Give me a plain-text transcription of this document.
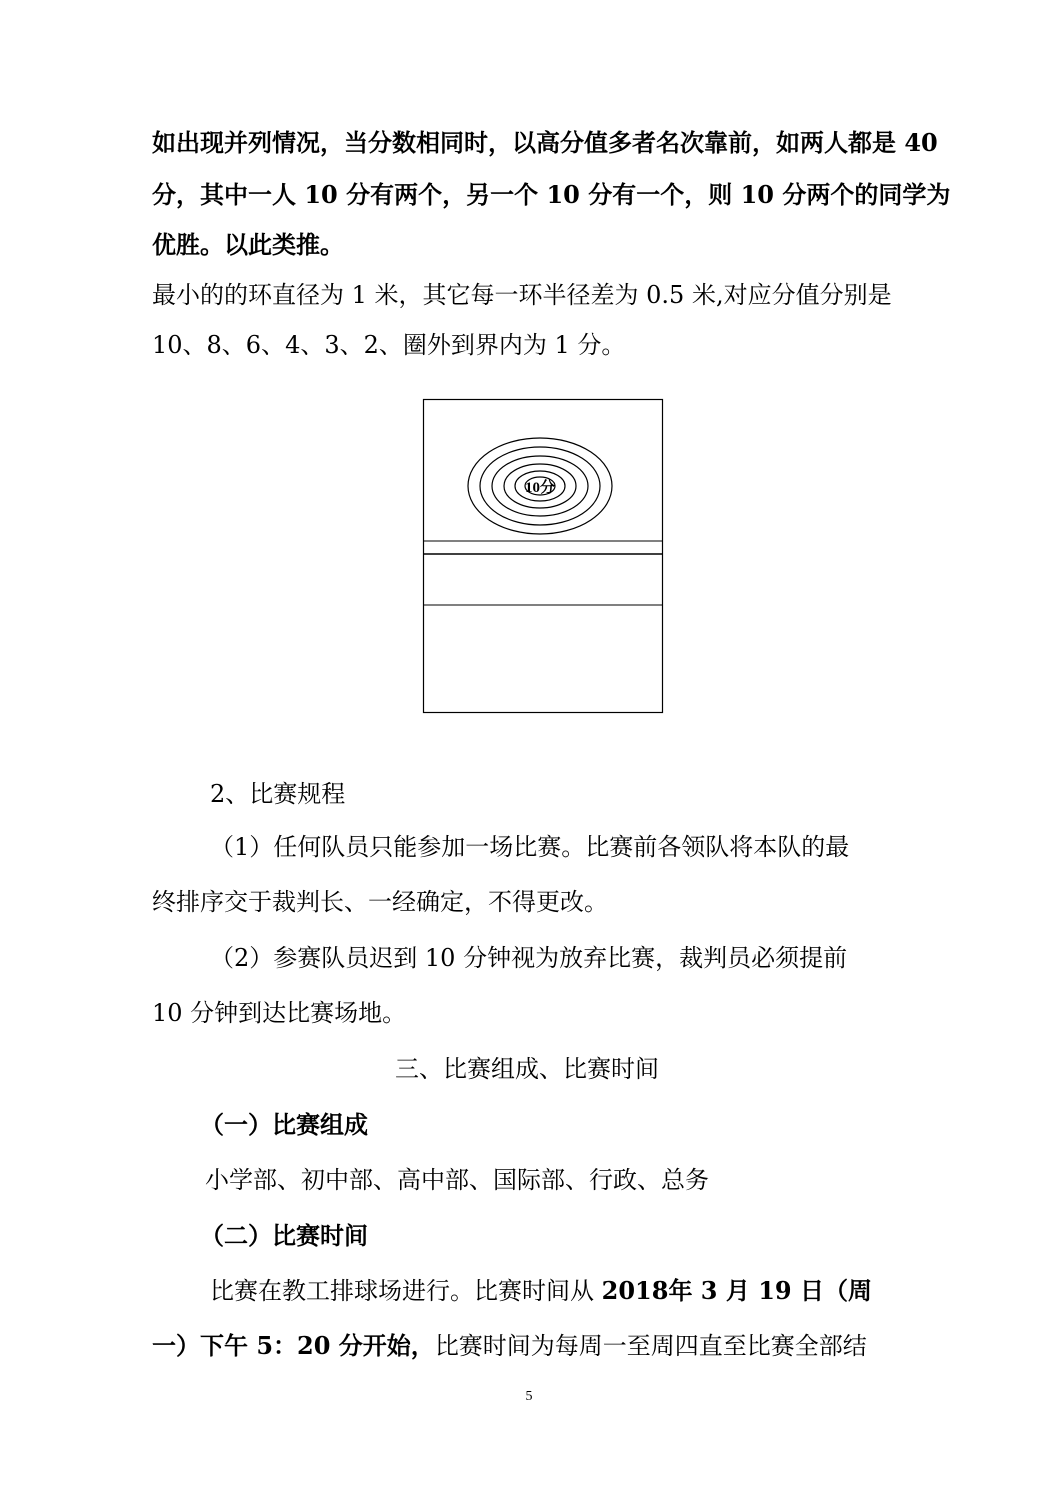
如出现并列情况，当分数相同时，以高分值多者名次靠前，如两人都是 40

分，其中一人 10 分有两个，另一个 10 分有一个，则 10 分两个的同学为

优胜。以此类推。

最小的的环直径为 1 米，其它每一环半径差为 0.5 米,对应分值分别是

10、8、6、4、3、2、圈外到界内为 1 分。

10分

2、比赛规程

（1）任何队员只能参加一场比赛。比赛前各领队将本队的最

终排序交于裁判长、一经确定，不得更改。

（2）参赛队员迟到 10 分钟视为放弃比赛，裁判员必须提前

10 分钟到达比赛场地。

三、比赛组成、比赛时间

（一）比赛组成

小学部、初中部、高中部、国际部、行政、总务

（二）比赛时间

比赛在教工排球场进行。比赛时间从 2018年 3 月 19 日（周

一）下午 5：20 分开始，比赛时间为每周一至周四直至比赛全部结

5
